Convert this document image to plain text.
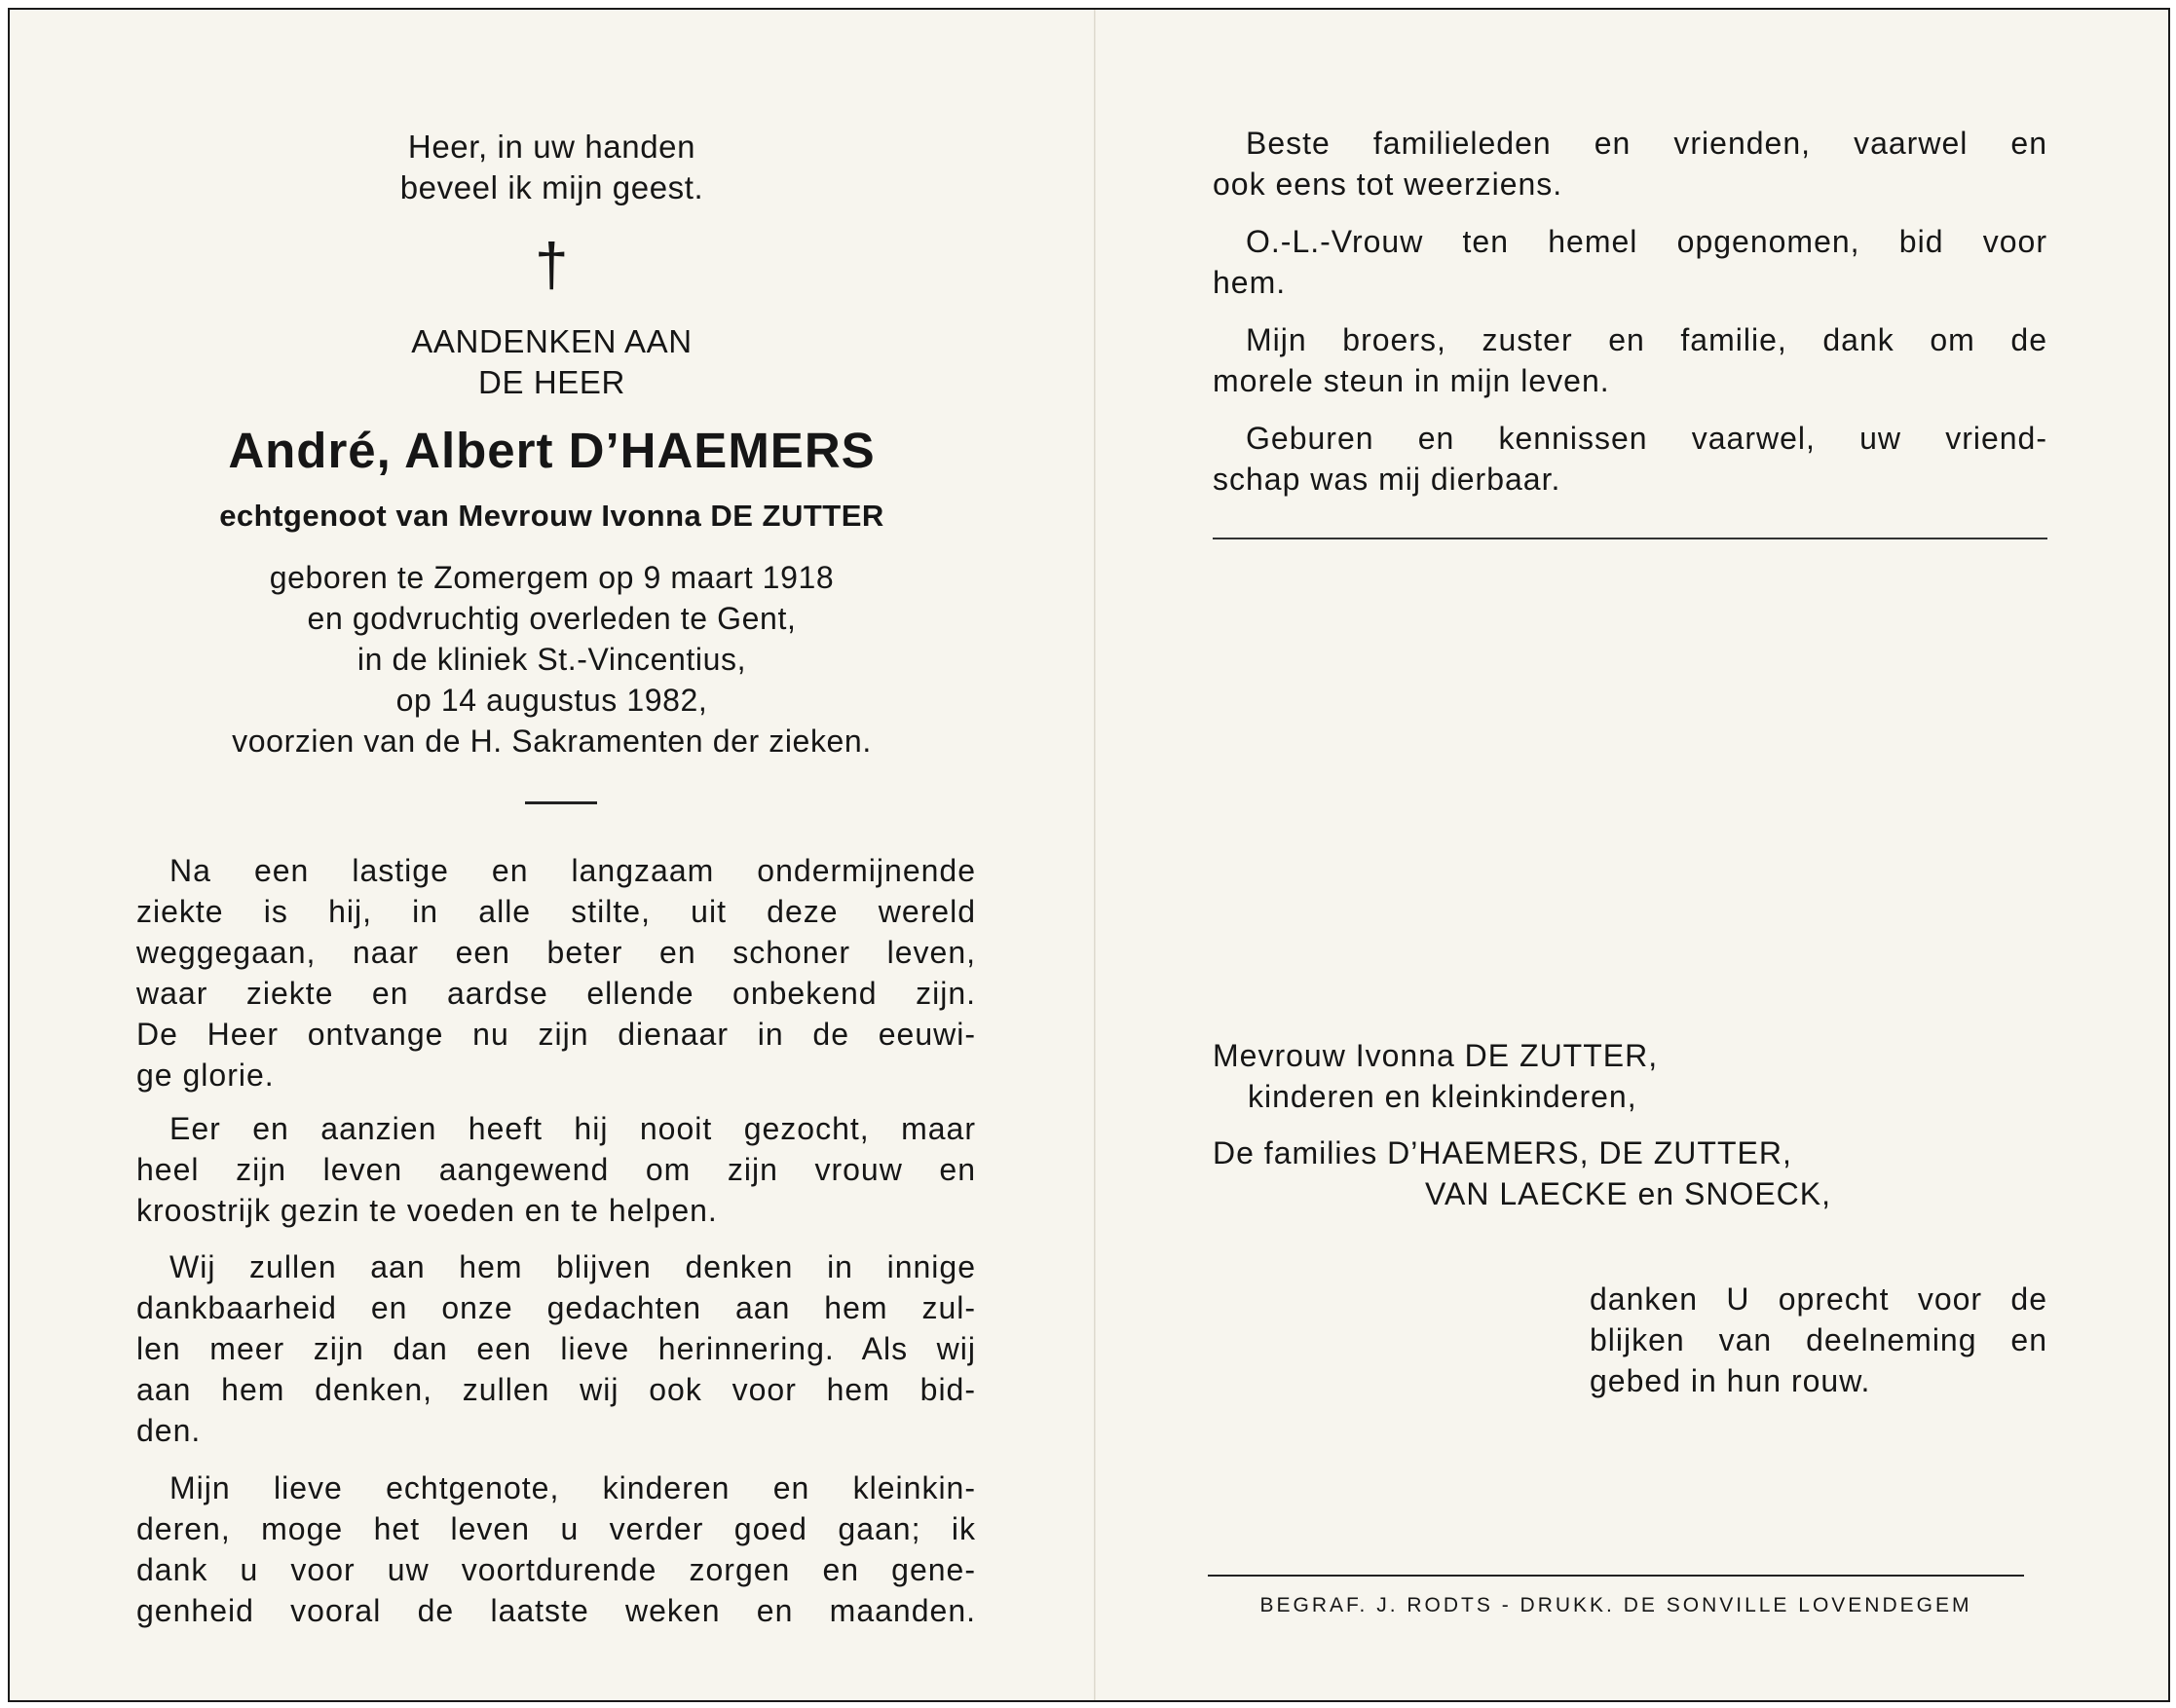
Heer, in uw handen
beveel ik mijn geest.
†
AANDENKEN AAN
DE HEER
André, Albert D’HAEMERS
echtgenoot van Mevrouw Ivonna DE ZUTTER
geboren te Zomergem op 9 maart 1918
en godvruchtig overleden te Gent,
in de kliniek St.-Vincentius,
op 14 augustus 1982,
voorzien van de H. Sakramenten der zieken.
Na een lastige en langzaam ondermijnende
ziekte is hij, in alle stilte, uit deze wereld
weggegaan, naar een beter en schoner leven,
waar ziekte en aardse ellende onbekend zijn.
De Heer ontvange nu zijn dienaar in de eeuwi-
ge glorie.
Eer en aanzien heeft hij nooit gezocht, maar
heel zijn leven aangewend om zijn vrouw en
kroostrijk gezin te voeden en te helpen.
Wij zullen aan hem blijven denken in innige
dankbaarheid en onze gedachten aan hem zul-
len meer zijn dan een lieve herinnering. Als wij
aan hem denken, zullen wij ook voor hem bid-
den.
Mijn lieve echtgenote, kinderen en kleinkin-
deren, moge het leven u verder goed gaan; ik
dank u voor uw voortdurende zorgen en gene-
genheid vooral de laatste weken en maanden.
Beste familieleden en vrienden, vaarwel en
ook eens tot weerziens.
O.-L.-Vrouw ten hemel opgenomen, bid voor
hem.
Mijn broers, zuster en familie, dank om de
morele steun in mijn leven.
Geburen en kennissen vaarwel, uw vriend-
schap was mij dierbaar.
Mevrouw Ivonna DE ZUTTER,
kinderen en kleinkinderen,
De families D’HAEMERS, DE ZUTTER,
VAN LAECKE en SNOECK,
danken U oprecht voor de
blijken van deelneming en
gebed in hun rouw.
BEGRAF. J. RODTS - DRUKK. DE SONVILLE LOVENDEGEM
